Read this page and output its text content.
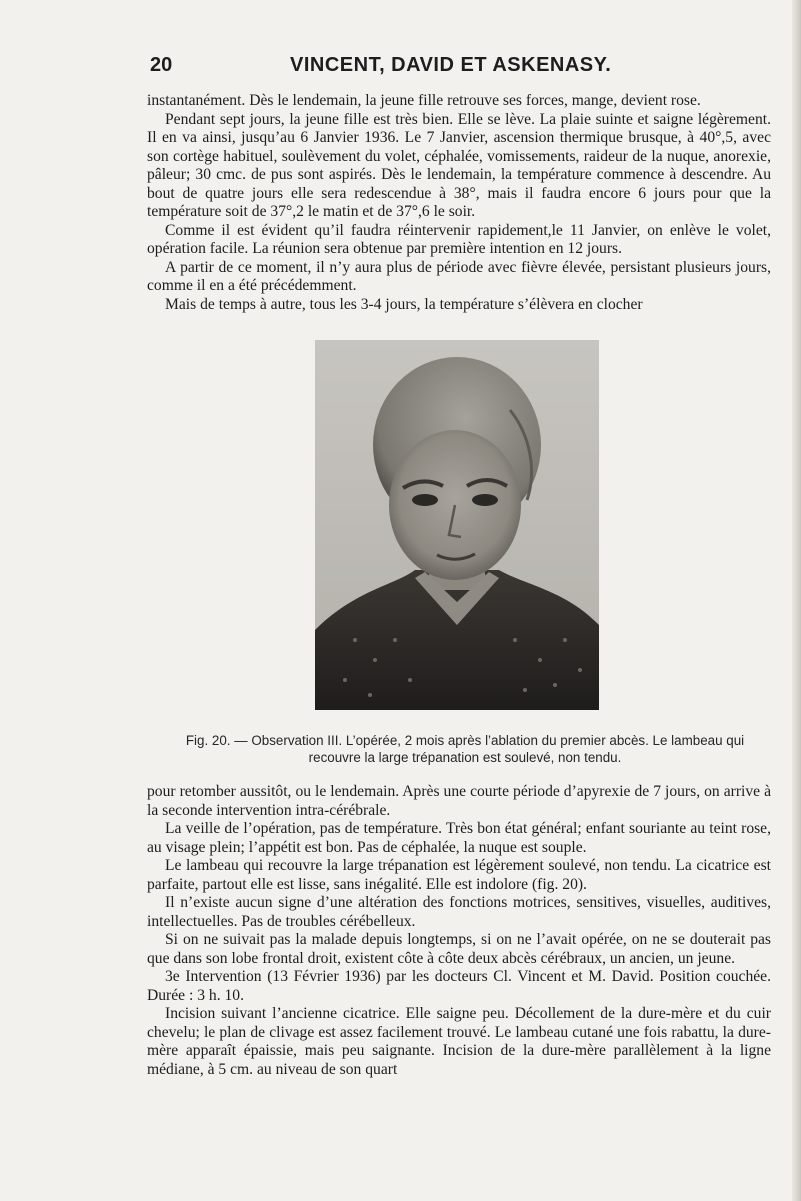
20	VINCENT, DAVID ET ASKENASY.

instantanément. Dès le lendemain, la jeune fille retrouve ses forces, mange, devient rose.

Pendant sept jours, la jeune fille est très bien. Elle se lève. La plaie suinte et saigne légèrement. Il en va ainsi, jusqu’au 6 Janvier 1936. Le 7 Janvier, ascension thermique brusque, à 40°,5, avec son cortège habituel, soulèvement du volet, céphalée, vomissements, raideur de la nuque, anorexie, pâleur; 30 cmc. de pus sont aspirés. Dès le lendemain, la température commence à descendre. Au bout de quatre jours elle sera redescendue à 38°, mais il faudra encore 6 jours pour que la température soit de 37°,2 le matin et de 37°,6 le soir.

Comme il est évident qu’il faudra réintervenir rapidement,le 11 Janvier, on enlève le volet, opération facile. La réunion sera obtenue par première intention en 12 jours.

A partir de ce moment, il n’y aura plus de période avec fièvre élevée, persistant plusieurs jours, comme il en a été précédemment.

Mais de temps à autre, tous les 3-4 jours, la température s’élèvera en clocher

Fig. 20. — Observation III. L’opérée, 2 mois après l’ablation du premier abcès. Le lambeau qui recouvre la large trépanation est soulevé, non tendu.

pour retomber aussitôt, ou le lendemain. Après une courte période d’apyrexie de 7 jours, on arrive à la seconde intervention intra-cérébrale.

La veille de l’opération, pas de température. Très bon état général; enfant souriante au teint rose, au visage plein; l’appétit est bon. Pas de céphalée, la nuque est souple.

Le lambeau qui recouvre la large trépanation est légèrement soulevé, non tendu. La cicatrice est parfaite, partout elle est lisse, sans inégalité. Elle est indolore (fig. 20).

Il n’existe aucun signe d’une altération des fonctions motrices, sensitives, visuelles, auditives, intellectuelles. Pas de troubles cérébelleux.

Si on ne suivait pas la malade depuis longtemps, si on ne l’avait opérée, on ne se douterait pas que dans son lobe frontal droit, existent côte à côte deux abcès cérébraux, un ancien, un jeune.

3e Intervention (13 Février 1936) par les docteurs Cl. Vincent et M. David. Position couchée. Durée : 3 h. 10.

Incision suivant l’ancienne cicatrice. Elle saigne peu. Décollement de la dure-mère et du cuir chevelu; le plan de clivage est assez facilement trouvé. Le lambeau cutané une fois rabattu, la dure-mère apparaît épaissie, mais peu saignante. Incision de la dure-mère parallèlement à la ligne médiane, à 5 cm. au niveau de son quart
